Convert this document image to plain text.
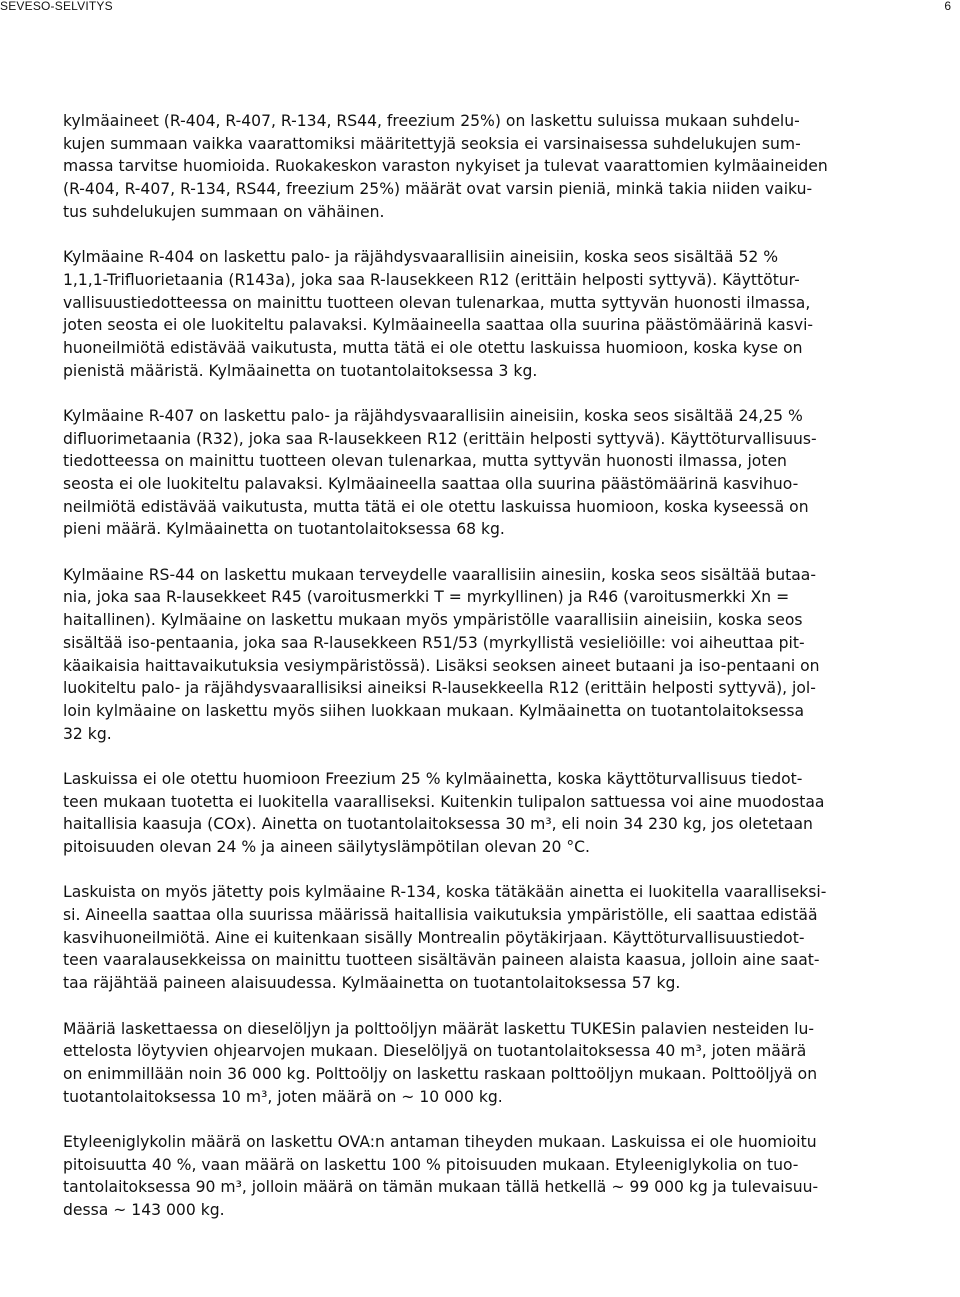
SEVESO-SELVITYS	6
kylmäaineet (R-404, R-407, R-134, RS44, freezium 25%) on laskettu suluissa mukaan suhdelu-
kujen summaan vaikka vaarattomiksi määritettyjä seoksia ei varsinaisessa suhdelukujen sum-
massa tarvitse huomioida. Ruokakeskon varaston nykyiset ja tulevat vaarattomien kylmäaineiden
(R-404, R-407, R-134, RS44, freezium 25%) määrät ovat varsin pieniä, minkä takia niiden vaiku-
tus suhdelukujen summaan on vähäinen.
Kylmäaine R-404 on laskettu palo- ja räjähdysvaarallisiin aineisiin, koska seos sisältää 52 %
1,1,1-Trifluorietaania (R143a), joka saa R-lausekkeen R12 (erittäin helposti syttyvä). Käyttötur-
vallisuustiedotteessa on mainittu tuotteen olevan tulenarkaa, mutta syttyvän huonosti ilmassa,
joten seosta ei ole luokiteltu palavaksi. Kylmäaineella saattaa olla suurina päästömäärinä kasvi-
huoneilmiötä edistävää vaikutusta, mutta tätä ei ole otettu laskuissa huomioon, koska kyse on
pienistä määristä. Kylmäainetta on tuotantolaitoksessa 3 kg.
Kylmäaine R-407 on laskettu palo- ja räjähdysvaarallisiin aineisiin, koska seos sisältää 24,25 %
difluorimetaania (R32), joka saa R-lausekkeen R12 (erittäin helposti syttyvä). Käyttöturvallisuus-
tiedotteessa on mainittu tuotteen olevan tulenarkaa, mutta syttyvän huonosti ilmassa, joten
seosta ei ole luokiteltu palavaksi. Kylmäaineella saattaa olla suurina päästömäärinä kasvihuo-
neilmiötä edistävää vaikutusta, mutta tätä ei ole otettu laskuissa huomioon, koska kyseessä on
pieni määrä. Kylmäainetta on tuotantolaitoksessa 68 kg.
Kylmäaine RS-44 on laskettu mukaan terveydelle vaarallisiin ainesiin, koska seos sisältää butaa-
nia, joka saa R-lausekkeet R45 (varoitusmerkki T = myrkyllinen) ja R46 (varoitusmerkki Xn =
haitallinen). Kylmäaine on laskettu mukaan myös ympäristölle vaarallisiin aineisiin, koska seos
sisältää iso-pentaania, joka saa R-lausekkeen R51/53 (myrkyllistä vesieliöille: voi aiheuttaa pit-
käaikaisia haittavaikutuksia vesiympäristössä). Lisäksi seoksen aineet butaani ja iso-pentaani on
luokiteltu palo- ja räjähdysvaarallisiksi aineiksi R-lausekkeella R12 (erittäin helposti syttyvä), jol-
loin kylmäaine on laskettu myös siihen luokkaan mukaan. Kylmäainetta on tuotantolaitoksessa
32 kg.
Laskuissa ei ole otettu huomioon Freezium 25 % kylmäainetta, koska käyttöturvallisuus tiedot-
teen mukaan tuotetta ei luokitella vaaralliseksi. Kuitenkin tulipalon sattuessa voi aine muodostaa
haitallisia kaasuja (COx). Ainetta on tuotantolaitoksessa 30 m³, eli noin 34 230 kg, jos oletetaan
pitoisuuden olevan 24 % ja aineen säilytyslämpötilan olevan 20 °C.
Laskuista on myös jätetty pois kylmäaine R-134, koska tätäkään ainetta ei luokitella vaaralliseksi-
si. Aineella saattaa olla suurissa määrissä haitallisia vaikutuksia ympäristölle, eli saattaa edistää
kasvihuoneilmiötä. Aine ei kuitenkaan sisälly Montrealin pöytäkirjaan. Käyttöturvallisuustiedot-
teen vaaralausekkeissa on mainittu tuotteen sisältävän paineen alaista kaasua, jolloin aine saat-
taa räjähtää paineen alaisuudessa. Kylmäainetta on tuotantolaitoksessa 57 kg.
Määriä laskettaessa on dieselöljyn ja polttoöljyn määrät laskettu TUKESin palavien nesteiden lu-
ettelosta löytyvien ohjearvojen mukaan. Dieselöljyä on tuotantolaitoksessa 40 m³, joten määrä
on enimmillään noin 36 000 kg. Polttoöljy on laskettu raskaan polttoöljyn mukaan. Polttoöljyä on
tuotantolaitoksessa 10 m³, joten määrä on ~ 10 000 kg.
Etyleeniglykolin määrä on laskettu OVA:n antaman tiheyden mukaan. Laskuissa ei ole huomioitu
pitoisuutta 40 %, vaan määrä on laskettu 100 % pitoisuuden mukaan. Etyleeniglykolia on tuo-
tantolaitoksessa 90 m³, jolloin määrä on tämän mukaan tällä hetkellä ~ 99 000 kg ja tulevaisuu-
dessa ~ 143 000 kg.
